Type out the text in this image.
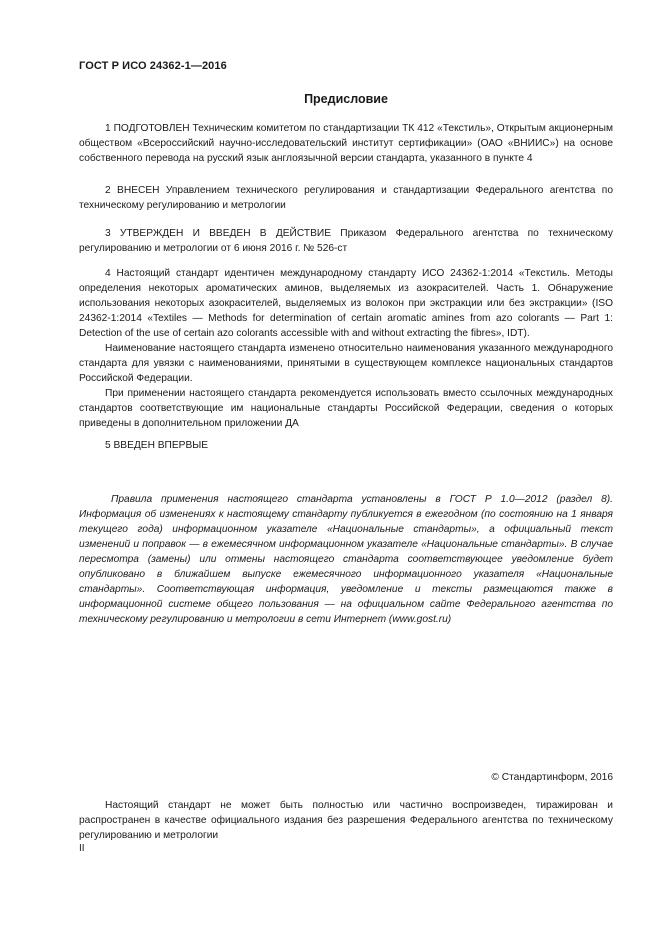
ГОСТ Р ИСО 24362-1—2016
Предисловие

1 ПОДГОТОВЛЕН Техническим комитетом по стандартизации ТК 412 «Текстиль», Открытым акционерным обществом «Всероссийский научно-исследовательский институт сертификации» (ОАО «ВНИИС») на основе собственного перевода на русский язык англоязычной версии стандарта, указанного в пункте 4

2 ВНЕСЕН Управлением технического регулирования и стандартизации Федерального агентства по техническому регулированию и метрологии

3 УТВЕРЖДЕН И ВВЕДЕН В ДЕЙСТВИЕ Приказом Федерального агентства по техническому регулированию и метрологии от 6 июня 2016 г. № 526-ст

4 Настоящий стандарт идентичен международному стандарту ИСО 24362-1:2014 «Текстиль. Методы определения некоторых ароматических аминов, выделяемых из азокрасителей. Часть 1. Обнаружение использования некоторых азокрасителей, выделяемых из волокон при экстракции или без экстракции» (ISO 24362-1:2014 «Textiles — Methods for determination of certain aromatic amines from azo colorants — Part 1: Detection of the use of certain azo colorants accessible with and without extracting the fibres», IDT).

Наименование настоящего стандарта изменено относительно наименования указанного международного стандарта для увязки с наименованиями, принятыми в существующем комплексе национальных стандартов Российской Федерации.

При применении настоящего стандарта рекомендуется использовать вместо ссылочных международных стандартов соответствующие им национальные стандарты Российской Федерации, сведения о которых приведены в дополнительном приложении ДА

5 ВВЕДЕН ВПЕРВЫЕ

Правила применения настоящего стандарта установлены в ГОСТ Р 1.0—2012 (раздел 8). Информация об изменениях к настоящему стандарту публикуется в ежегодном (по состоянию на 1 января текущего года) информационном указателе «Национальные стандарты», а официальный текст изменений и поправок — в ежемесячном информационном указателе «Национальные стандарты». В случае пересмотра (замены) или отмены настоящего стандарта соответствующее уведомление будет опубликовано в ближайшем выпуске ежемесячного информационного указателя «Национальные стандарты». Соответствующая информация, уведомление и тексты размещаются также в информационной системе общего пользования — на официальном сайте Федерального агентства по техническому регулированию и метрологии в сети Интернет (www.gost.ru)

© Стандартинформ, 2016

Настоящий стандарт не может быть полностью или частично воспроизведен, тиражирован и распространен в качестве официального издания без разрешения Федерального агентства по техническому регулированию и метрологии

II
